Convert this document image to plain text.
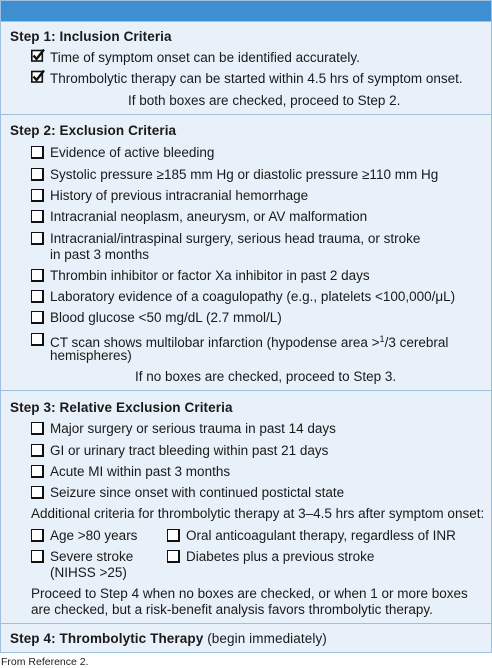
Step 1: Inclusion Criteria
Time of symptom onset can be identified accurately.
Thrombolytic therapy can be started within 4.5 hrs of symptom onset.
If both boxes are checked, proceed to Step 2.
Step 2: Exclusion Criteria
Evidence of active bleeding
Systolic pressure ≥185 mm Hg or diastolic pressure ≥110 mm Hg
History of previous intracranial hemorrhage
Intracranial neoplasm, aneurysm, or AV malformation
Intracranial/intraspinal surgery, serious head trauma, or stroke
in past 3 months
Thrombin inhibitor or factor Xa inhibitor in past 2 days
Laboratory evidence of a coagulopathy (e.g., platelets <100,000/μL)
Blood glucose <50 mg/dL (2.7 mmol/L)
CT scan shows multilobar infarction (hypodense area >$^1$/3 cerebral
hemispheres)
If no boxes are checked, proceed to Step 3.
Step 3: Relative Exclusion Criteria
Major surgery or serious trauma in past 14 days
GI or urinary tract bleeding within past 21 days
Acute MI within past 3 months
Seizure since onset with continued postictal state
Additional criteria for thrombolytic therapy at 3–4.5 hrs after symptom onset:
Age >80 years	Oral anticoagulant therapy, regardless of INR
Severe stroke
(NIHSS >25)
Diabetes plus a previous stroke
Proceed to Step 4 when no boxes are checked, or when 1 or more boxes
are checked, but a risk-benefit analysis favors thrombolytic therapy.
Step 4: Thrombolytic Therapy (begin immediately)
From Reference 2.
